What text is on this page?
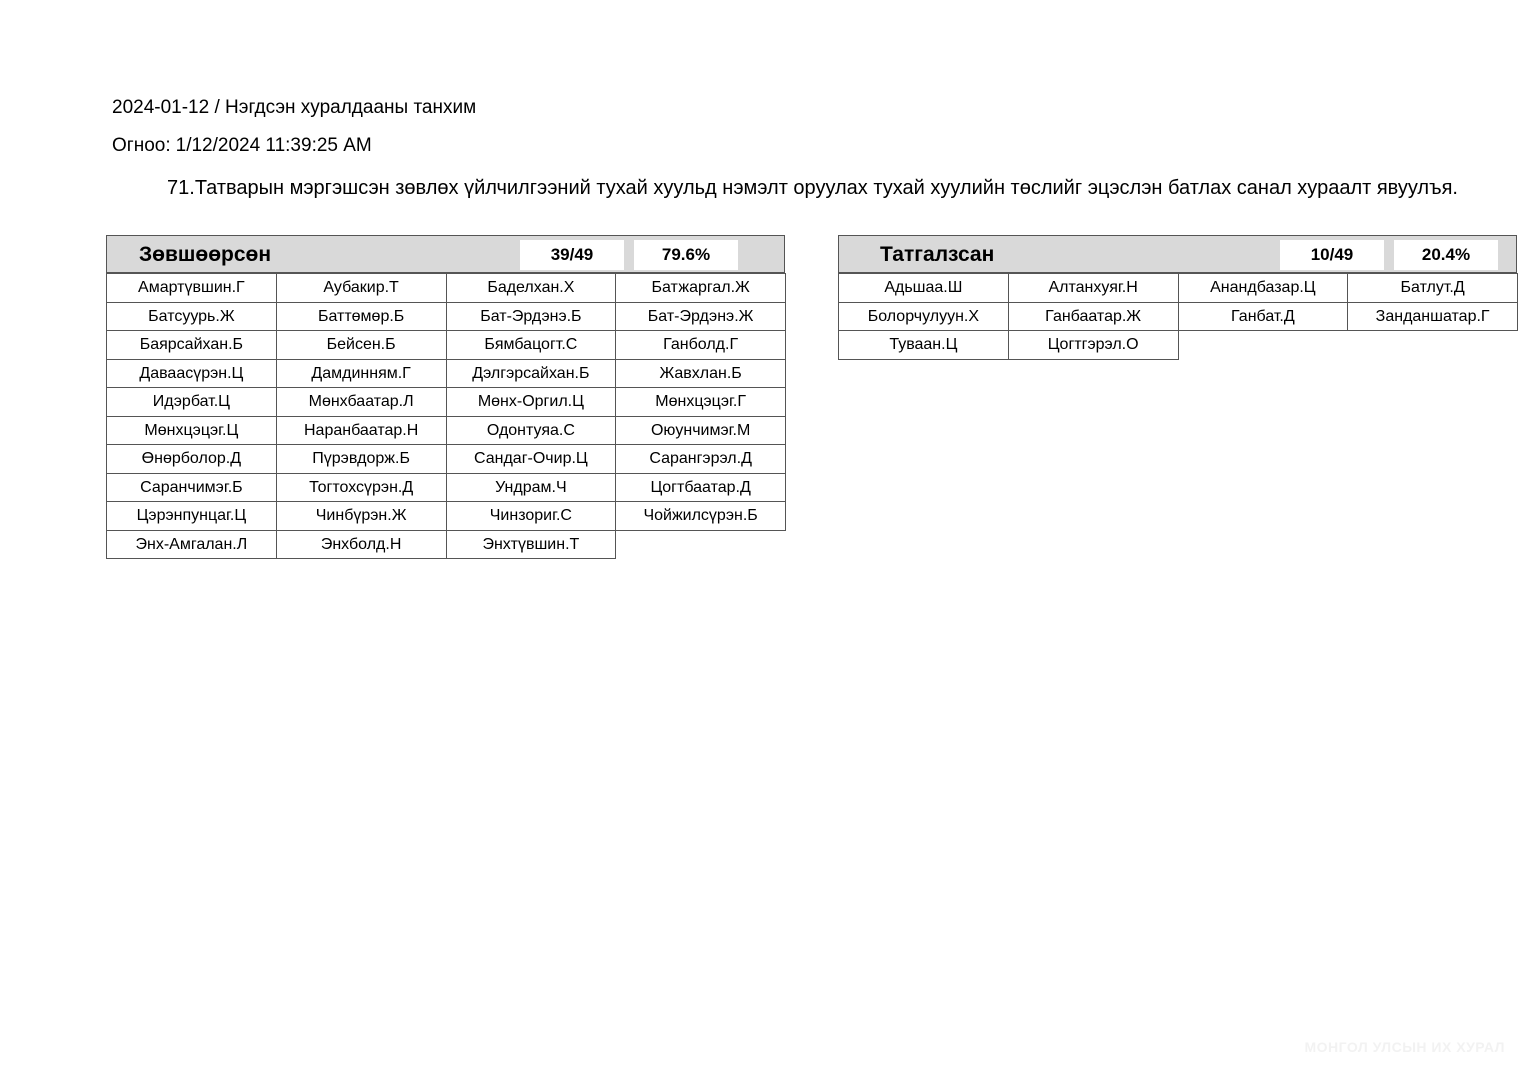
2024-01-12 / Нэгдсэн хуралдааны танхим
Огноо: 1/12/2024 11:39:25 AM
71.Татварын мэргэшсэн зөвлөх үйлчилгээний тухай хуульд нэмэлт оруулах тухай хуулийн төслийг эцэслэн батлах санал хураалт явуулъя.
Зөвшөөрсөн	39/49	79.6%
Амартүвшин.Г	Аубакир.Т	Баделхан.Х	Батжаргал.Ж
Батсуурь.Ж	Баттөмөр.Б	Бат-Эрдэнэ.Б	Бат-Эрдэнэ.Ж
Баярсайхан.Б	Бейсен.Б	Бямбацогт.С	Ганболд.Г
Даваасүрэн.Ц	Дамдинням.Г	Дэлгэрсайхан.Б	Жавхлан.Б
Идэрбат.Ц	Мөнхбаатар.Л	Мөнх-Оргил.Ц	Мөнхцэцэг.Г
Мөнхцэцэг.Ц	Наранбаатар.Н	Одонтуяа.С	Оюунчимэг.М
Өнөрболор.Д	Пүрэвдорж.Б	Сандаг-Очир.Ц	Сарангэрэл.Д
Саранчимэг.Б	Тогтохсүрэн.Д	Ундрам.Ч	Цогтбаатар.Д
Цэрэнпунцаг.Ц	Чинбүрэн.Ж	Чинзориг.С	Чойжилсүрэн.Б
Энх-Амгалан.Л	Энхболд.Н	Энхтүвшин.Т
Татгалзсан	10/49	20.4%
Адьшаа.Ш	Алтанхуяг.Н	Анандбазар.Ц	Батлут.Д
Болорчулуун.Х	Ганбаатар.Ж	Ганбат.Д	Занданшатар.Г
Туваан.Ц	Цогтгэрэл.О
МОНГОЛ УЛСЫН ИХ ХУРАЛ
